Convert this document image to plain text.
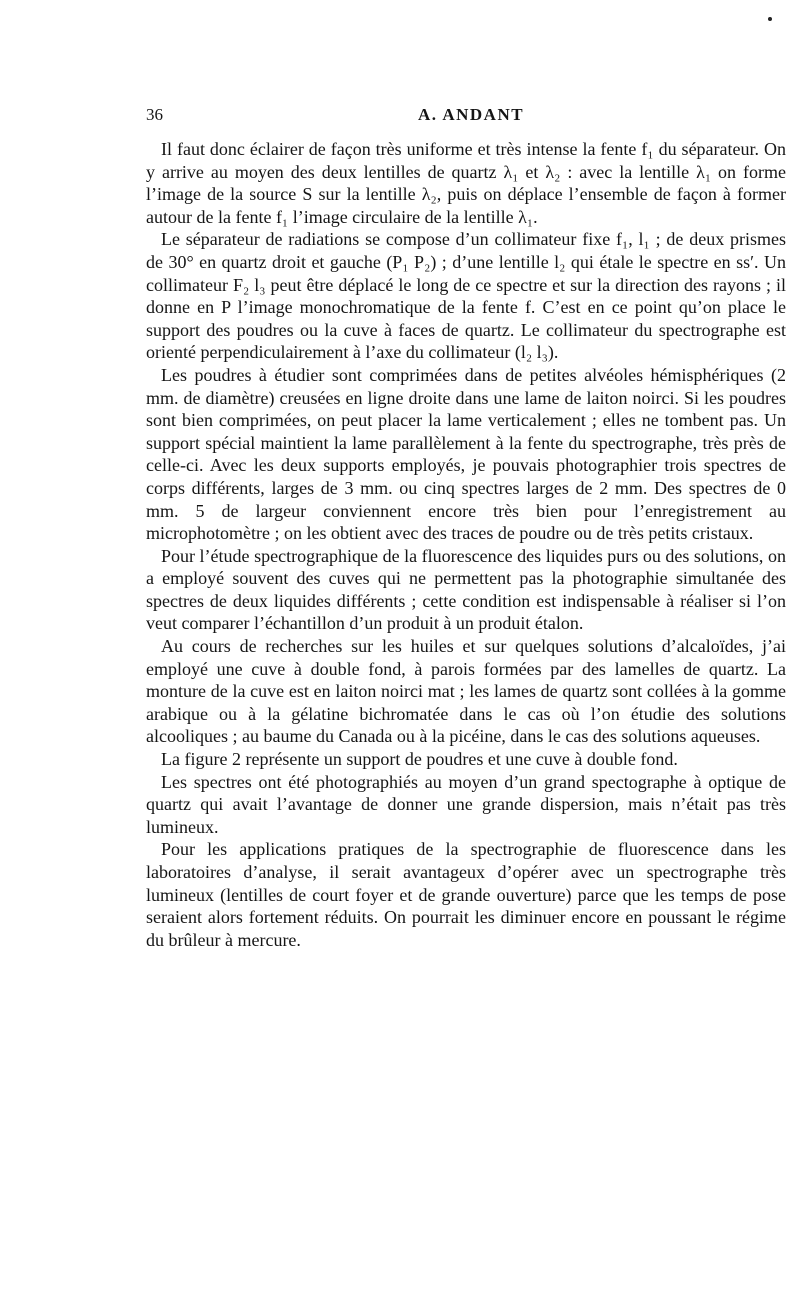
36	A. ANDANT

Il faut donc éclairer de façon très uniforme et très intense la fente f₁ du séparateur. On y arrive au moyen des deux lentilles de quartz λ₁ et λ₂ : avec la lentille λ₁ on forme l’image de la source S sur la lentille λ₂, puis on déplace l’ensemble de façon à former autour de la fente f₁ l’image circulaire de la lentille λ₁.

Le séparateur de radiations se compose d’un collimateur fixe f₁, l₁ ; de deux prismes de 30° en quartz droit et gauche (P₁ P₂) ; d’une lentille l₂ qui étale le spectre en ss′. Un collimateur F₂ l₃ peut être déplacé le long de ce spectre et sur la direction des rayons ; il donne en P l’image monochromatique de la fente f. C’est en ce point qu’on place le support des poudres ou la cuve à faces de quartz. Le collimateur du spectrographe est orienté perpendiculairement à l’axe du collimateur (l₂ l₃).

Les poudres à étudier sont comprimées dans de petites alvéoles hémisphériques (2 mm. de diamètre) creusées en ligne droite dans une lame de laiton noirci. Si les poudres sont bien comprimées, on peut placer la lame verticalement ; elles ne tombent pas. Un support spécial maintient la lame parallèlement à la fente du spectrographe, très près de celle-ci. Avec les deux supports employés, je pouvais photographier trois spectres de corps différents, larges de 3 mm. ou cinq spectres larges de 2 mm. Des spectres de 0 mm. 5 de largeur conviennent encore très bien pour l’enregistrement au microphotomètre ; on les obtient avec des traces de poudre ou de très petits cristaux.

Pour l’étude spectrographique de la fluorescence des liquides purs ou des solutions, on a employé souvent des cuves qui ne permettent pas la photographie simultanée des spectres de deux liquides différents ; cette condition est indispensable à réaliser si l’on veut comparer l’échantillon d’un produit à un produit étalon.

Au cours de recherches sur les huiles et sur quelques solutions d’alcaloïdes, j’ai employé une cuve à double fond, à parois formées par des lamelles de quartz. La monture de la cuve est en laiton noirci mat ; les lames de quartz sont collées à la gomme arabique ou à la gélatine bichromatée dans le cas où l’on étudie des solutions alcooliques ; au baume du Canada ou à la picéine, dans le cas des solutions aqueuses.

La figure 2 représente un support de poudres et une cuve à double fond.

Les spectres ont été photographiés au moyen d’un grand spectographe à optique de quartz qui avait l’avantage de donner une grande dispersion, mais n’était pas très lumineux.

Pour les applications pratiques de la spectrographie de fluorescence dans les laboratoires d’analyse, il serait avantageux d’opérer avec un spectrographe très lumineux (lentilles de court foyer et de grande ouverture) parce que les temps de pose seraient alors fortement réduits. On pourrait les diminuer encore en poussant le régime du brûleur à mercure.
